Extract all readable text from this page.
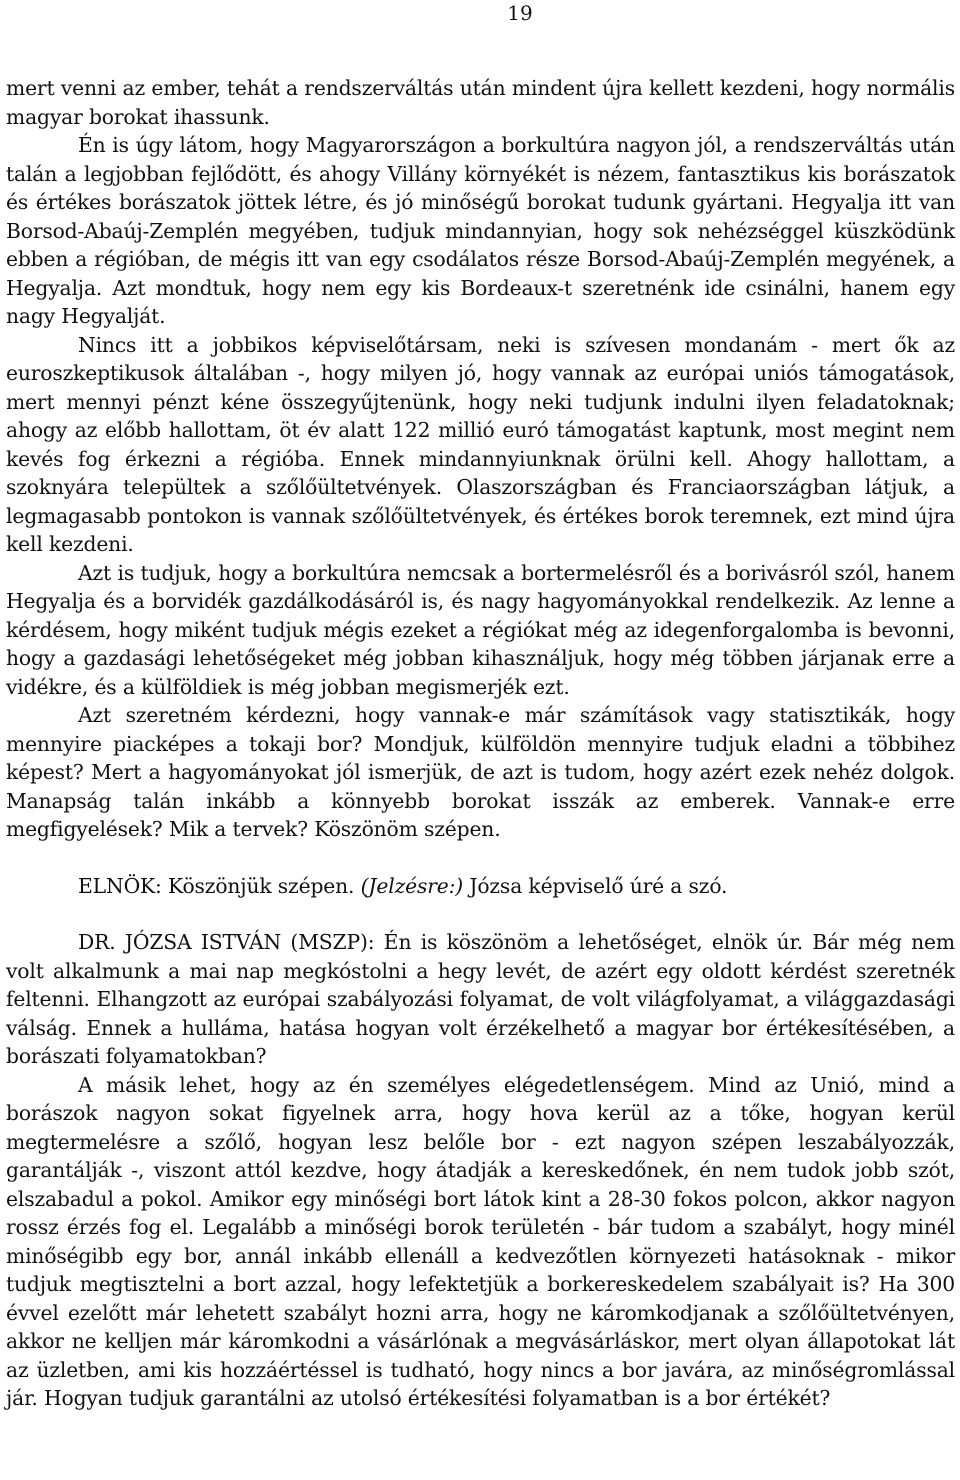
19

mert venni az ember, tehát a rendszerváltás után mindent újra kellett kezdeni, hogy normális magyar borokat ihassunk.

Én is úgy látom, hogy Magyarországon a borkultúra nagyon jól, a rendszerváltás után talán a legjobban fejlődött, és ahogy Villány környékét is nézem, fantasztikus kis borászatok és értékes borászatok jöttek létre, és jó minőségű borokat tudunk gyártani. Hegyalja itt van Borsod-Abaúj-Zemplén megyében, tudjuk mindannyian, hogy sok nehézséggel küszködünk ebben a régióban, de mégis itt van egy csodálatos része Borsod-Abaúj-Zemplén megyének, a Hegyalja. Azt mondtuk, hogy nem egy kis Bordeaux-t szeretnénk ide csinálni, hanem egy nagy Hegyalját.

Nincs itt a jobbikos képviselőtársam, neki is szívesen mondanám - mert ők az euroszkeptikusok általában -, hogy milyen jó, hogy vannak az európai uniós támogatások, mert mennyi pénzt kéne összegyűjtenünk, hogy neki tudjunk indulni ilyen feladatoknak; ahogy az előbb hallottam, öt év alatt 122 millió euró támogatást kaptunk, most megint nem kevés fog érkezni a régióba. Ennek mindannyiunknak örülni kell. Ahogy hallottam, a szoknyára települtek a szőlőültetvények. Olaszországban és Franciaországban látjuk, a legmagasabb pontokon is vannak szőlőültetvények, és értékes borok teremnek, ezt mind újra kell kezdeni.

Azt is tudjuk, hogy a borkultúra nemcsak a bortermelésről és a borivásról szól, hanem Hegyalja és a borvidék gazdálkodásáról is, és nagy hagyományokkal rendelkezik. Az lenne a kérdésem, hogy miként tudjuk mégis ezeket a régiókat még az idegenforgalomba is bevonni, hogy a gazdasági lehetőségeket még jobban kihasználjuk, hogy még többen járjanak erre a vidékre, és a külföldiek is még jobban megismerjék ezt.

Azt szeretném kérdezni, hogy vannak-e már számítások vagy statisztikák, hogy mennyire piacképes a tokaji bor? Mondjuk, külföldön mennyire tudjuk eladni a többihez képest? Mert a hagyományokat jól ismerjük, de azt is tudom, hogy azért ezek nehéz dolgok. Manapság talán inkább a könnyebb borokat isszák az emberek. Vannak-e erre megfigyelések? Mik a tervek? Köszönöm szépen.

ELNÖK: Köszönjük szépen. (Jelzésre:) Józsa képviselő úré a szó.

DR. JÓZSA ISTVÁN (MSZP): Én is köszönöm a lehetőséget, elnök úr. Bár még nem volt alkalmunk a mai nap megkóstolni a hegy levét, de azért egy oldott kérdést szeretnék feltenni. Elhangzott az európai szabályozási folyamat, de volt világfolyamat, a világgazdasági válság. Ennek a hulláma, hatása hogyan volt érzékelhető a magyar bor értékesítésében, a borászati folyamatokban?

A másik lehet, hogy az én személyes elégedetlenségem. Mind az Unió, mind a borászok nagyon sokat figyelnek arra, hogy hova kerül az a tőke, hogyan kerül megtermelésre a szőlő, hogyan lesz belőle bor - ezt nagyon szépen leszabályozzák, garantálják -, viszont attól kezdve, hogy átadják a kereskedőnek, én nem tudok jobb szót, elszabadul a pokol. Amikor egy minőségi bort látok kint a 28-30 fokos polcon, akkor nagyon rossz érzés fog el. Legalább a minőségi borok területén - bár tudom a szabályt, hogy minél minőségibb egy bor, annál inkább ellenáll a kedvezőtlen környezeti hatásoknak - mikor tudjuk megtisztelni a bort azzal, hogy lefektetjük a borkereskedelem szabályait is? Ha 300 évvel ezelőtt már lehetett szabályt hozni arra, hogy ne káromkodjanak a szőlőültetvényen, akkor ne kelljen már káromkodni a vásárlónak a megvásárláskor, mert olyan állapotokat lát az üzletben, ami kis hozzáértéssel is tudható, hogy nincs a bor javára, az minőségromlással jár. Hogyan tudjuk garantálni az utolsó értékesítési folyamatban is a bor értékét?
